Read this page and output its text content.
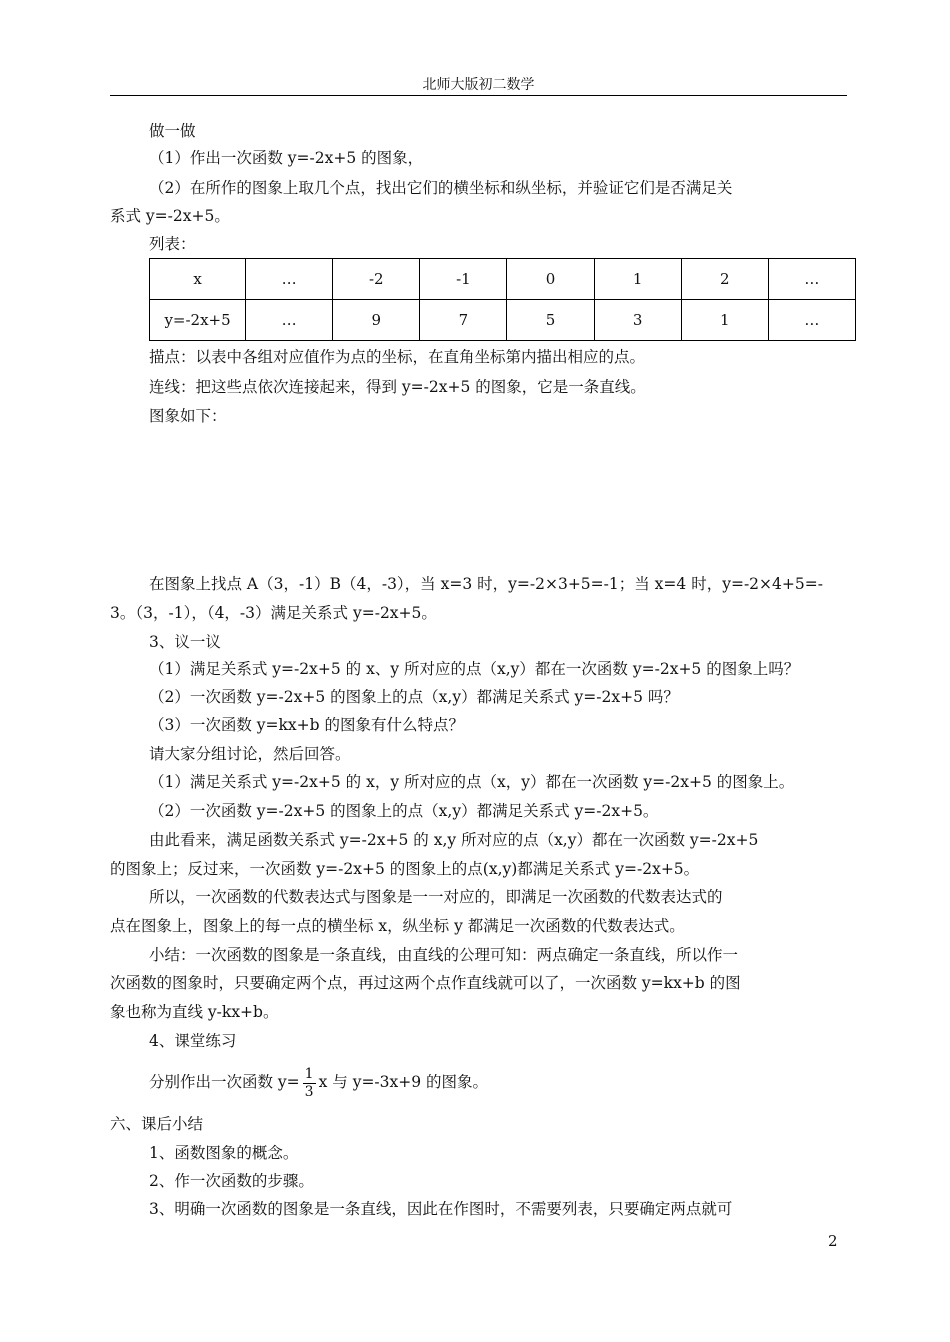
北师大版初二数学
做一做
（1）作出一次函数 y=-2x+5 的图象，
（2）在所作的图象上取几个点，找出它们的横坐标和纵坐标，并验证它们是否满足关
系式 y=-2x+5。
列表：
x	…	-2	-1	0	1	2	…
y=-2x+5	…	9	7	5	3	1	…
描点：以表中各组对应值作为点的坐标，在直角坐标第内描出相应的点。
连线：把这些点依次连接起来，得到 y=-2x+5 的图象，它是一条直线。
图象如下：
在图象上找点 A（3，-1）B（4，-3），当 x=3 时，y=-2×3+5=-1；当 x=4 时，y=-2×4+5=-
3。（3，-1），（4，-3）满足关系式 y=-2x+5。
3、议一议
（1）满足关系式 y=-2x+5 的 x、y 所对应的点（x,y）都在一次函数 y=-2x+5 的图象上吗？
（2）一次函数 y=-2x+5 的图象上的点（x,y）都满足关系式 y=-2x+5 吗？
（3）一次函数 y=kx+b 的图象有什么特点？
请大家分组讨论，然后回答。
（1）满足关系式 y=-2x+5 的 x，y 所对应的点（x，y）都在一次函数 y=-2x+5 的图象上。
（2）一次函数 y=-2x+5 的图象上的点（x,y）都满足关系式 y=-2x+5。
由此看来，满足函数关系式 y=-2x+5 的 x,y 所对应的点（x,y）都在一次函数 y=-2x+5
的图象上；反过来，一次函数 y=-2x+5 的图象上的点(x,y)都满足关系式 y=-2x+5。
所以，一次函数的代数表达式与图象是一一对应的，即满足一次函数的代数表达式的
点在图象上，图象上的每一点的横坐标 x，纵坐标 y 都满足一次函数的代数表达式。
小结：一次函数的图象是一条直线，由直线的公理可知：两点确定一条直线，所以作一
次函数的图象时，只要确定两个点，再过这两个点作直线就可以了，一次函数 y=kx+b 的图
象也称为直线 y-kx+b。
4、课堂练习
分别作出一次函数 $y= \frac{1}{3}$ x 与 y=-3x+9 的图象。
六、课后小结
1、函数图象的概念。
2、作一次函数的步骤。
3、明确一次函数的图象是一条直线，因此在作图时，不需要列表，只要确定两点就可
2
